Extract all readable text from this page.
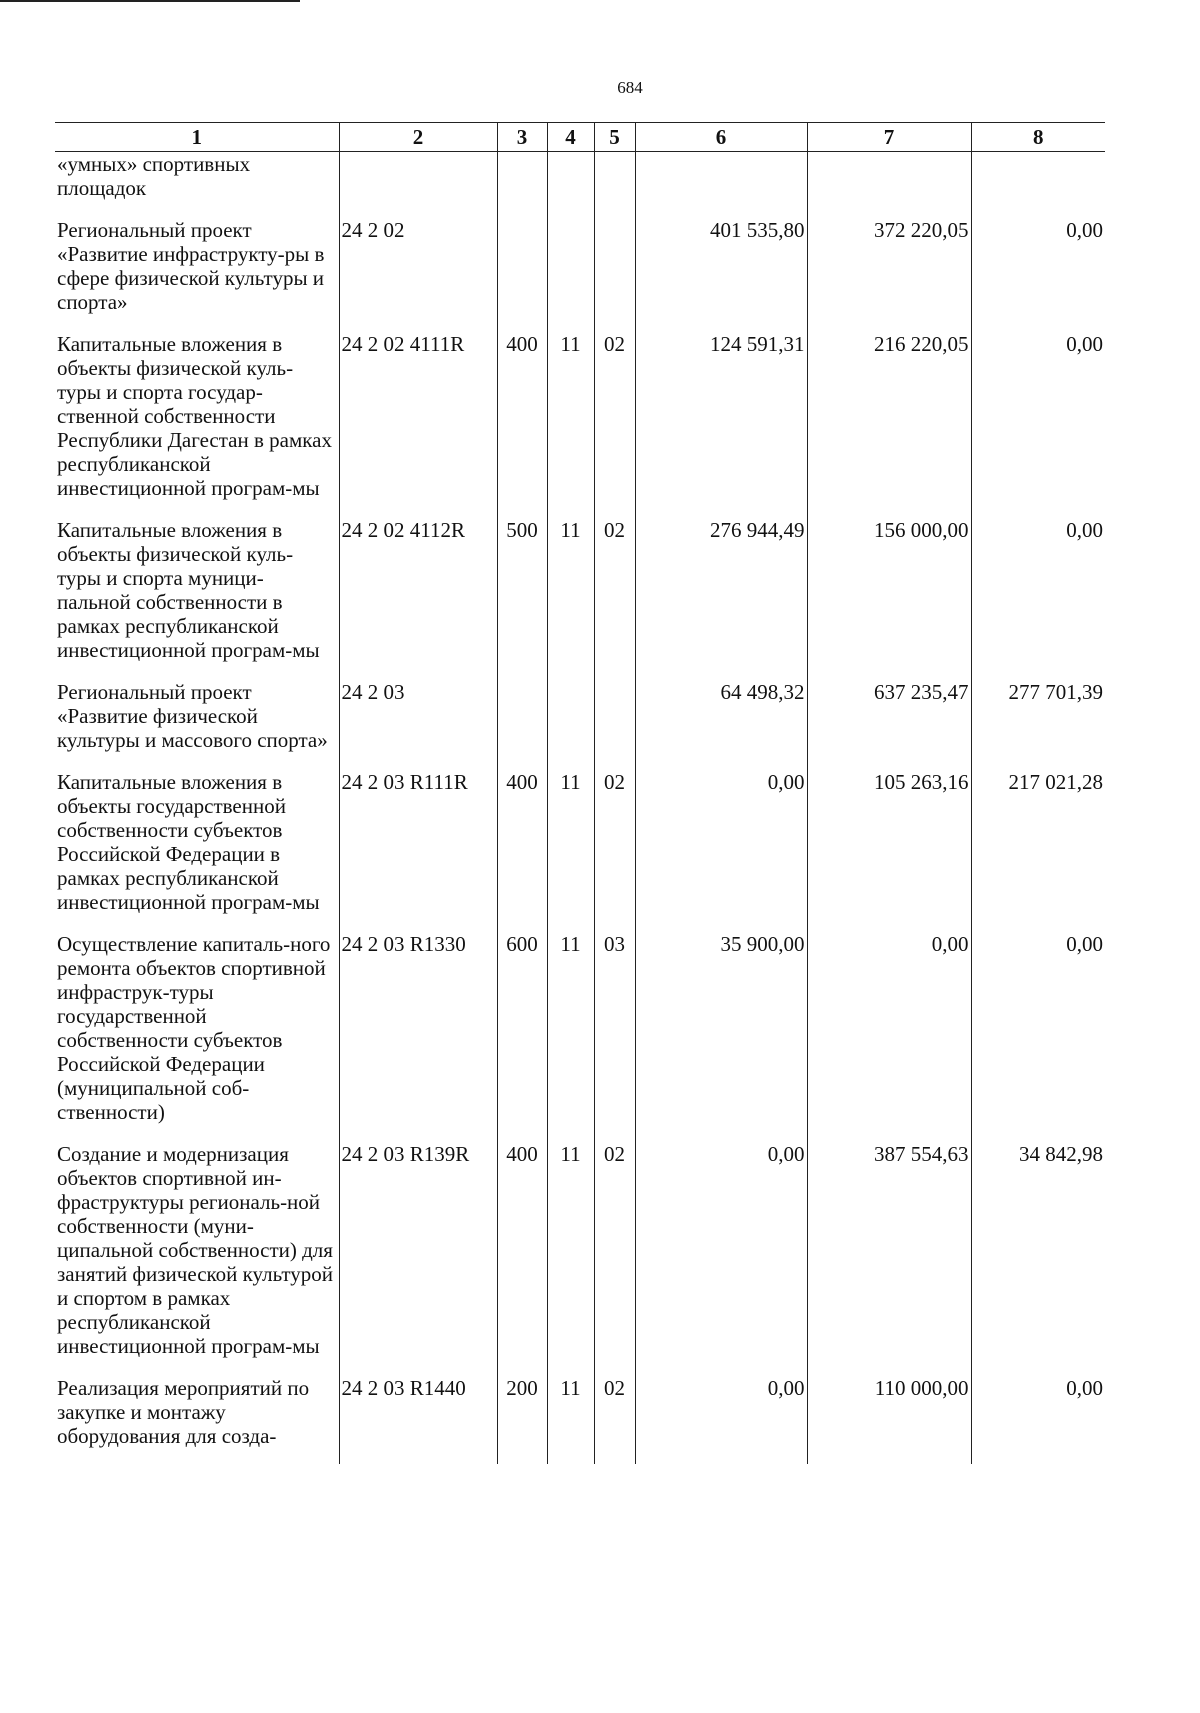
684
1	2	3	4	5	6	7	8
«умных» спортивных площадок							
Региональный проект «Развитие инфраструкту-ры в сфере физической культуры и спорта»	24 2 02				401 535,80	372 220,05	0,00
Капитальные вложения в объекты физической куль-туры и спорта государ-ственной собственности Республики Дагестан в рамках республиканской инвестиционной програм-мы	24 2 02 4111R	400	11	02	124 591,31	216 220,05	0,00
Капитальные вложения в объекты физической куль-туры и спорта муници-пальной собственности в рамках республиканской инвестиционной програм-мы	24 2 02 4112R	500	11	02	276 944,49	156 000,00	0,00
Региональный проект «Развитие физической культуры и массового спорта»	24 2 03				64 498,32	637 235,47	277 701,39
Капитальные вложения в объекты государственной собственности субъектов Российской Федерации в рамках республиканской инвестиционной програм-мы	24 2 03 R111R	400	11	02	0,00	105 263,16	217 021,28
Осуществление капиталь-ного ремонта объектов спортивной инфраструк-туры государственной собственности субъектов Российской Федерации (муниципальной соб-ственности)	24 2 03 R1330	600	11	03	35 900,00	0,00	0,00
Создание и модернизация объектов спортивной ин-фраструктуры региональ-ной собственности (муни-ципальной собственности) для занятий физической культурой и спортом в рамках республиканской инвестиционной програм-мы	24 2 03 R139R	400	11	02	0,00	387 554,63	34 842,98
Реализация мероприятий по закупке и монтажу оборудования для созда-	24 2 03 R1440	200	11	02	0,00	110 000,00	0,00
